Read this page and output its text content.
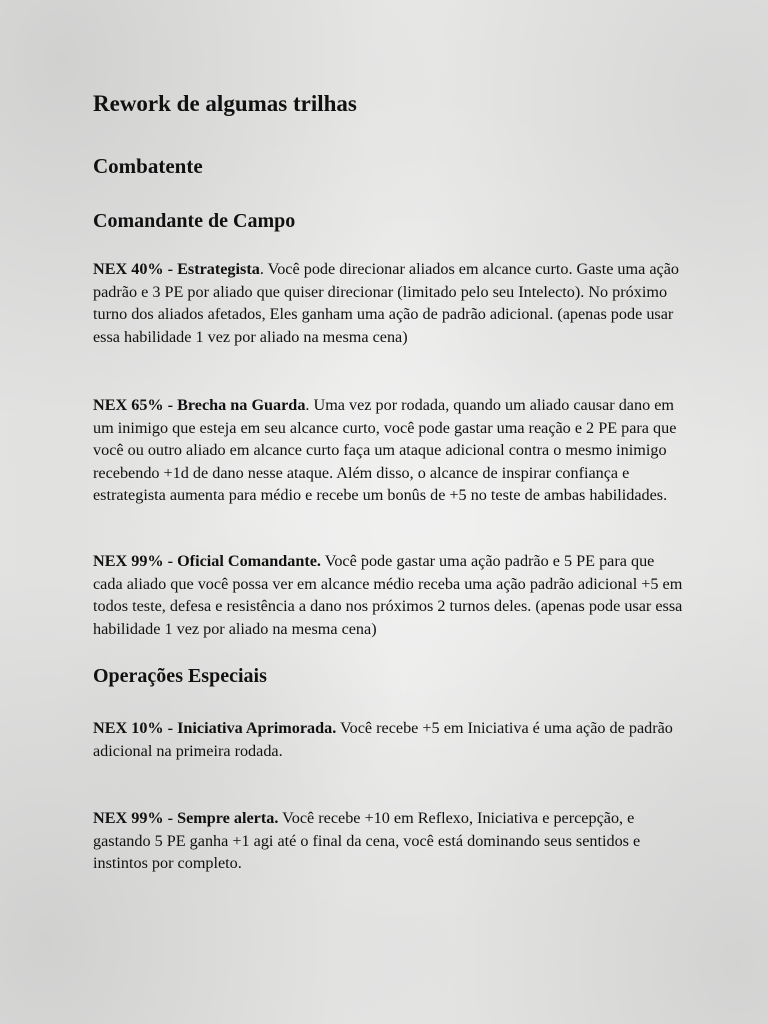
Rework de algumas trilhas
Combatente
Comandante de Campo

NEX 40% - Estrategista. Você pode direcionar aliados em alcance curto. Gaste uma ação padrão e 3 PE por aliado que quiser direcionar (limitado pelo seu Intelecto). No próximo turno dos aliados afetados, Eles ganham uma ação de padrão adicional. (apenas pode usar essa habilidade 1 vez por aliado na mesma cena)

NEX 65% - Brecha na Guarda. Uma vez por rodada, quando um aliado causar dano em um inimigo que esteja em seu alcance curto, você pode gastar uma reação e 2 PE para que você ou outro aliado em alcance curto faça um ataque adicional contra o mesmo inimigo recebendo +1d de dano nesse ataque. Além disso, o alcance de inspirar confiança e estrategista aumenta para médio e recebe um bonûs de +5 no teste de ambas habilidades.

NEX 99% - Oficial Comandante. Você pode gastar uma ação padrão e 5 PE para que cada aliado que você possa ver em alcance médio receba uma ação padrão adicional +5 em todos teste, defesa e resistência a dano nos próximos 2 turnos deles. (apenas pode usar essa habilidade 1 vez por aliado na mesma cena)

Operações Especiais

NEX 10% - Iniciativa Aprimorada. Você recebe +5 em Iniciativa é uma ação de padrão adicional na primeira rodada.

NEX 99% - Sempre alerta. Você recebe +10 em Reflexo, Iniciativa e percepção, e gastando 5 PE ganha +1 agi até o final da cena, você está dominando seus sentidos e instintos por completo.
